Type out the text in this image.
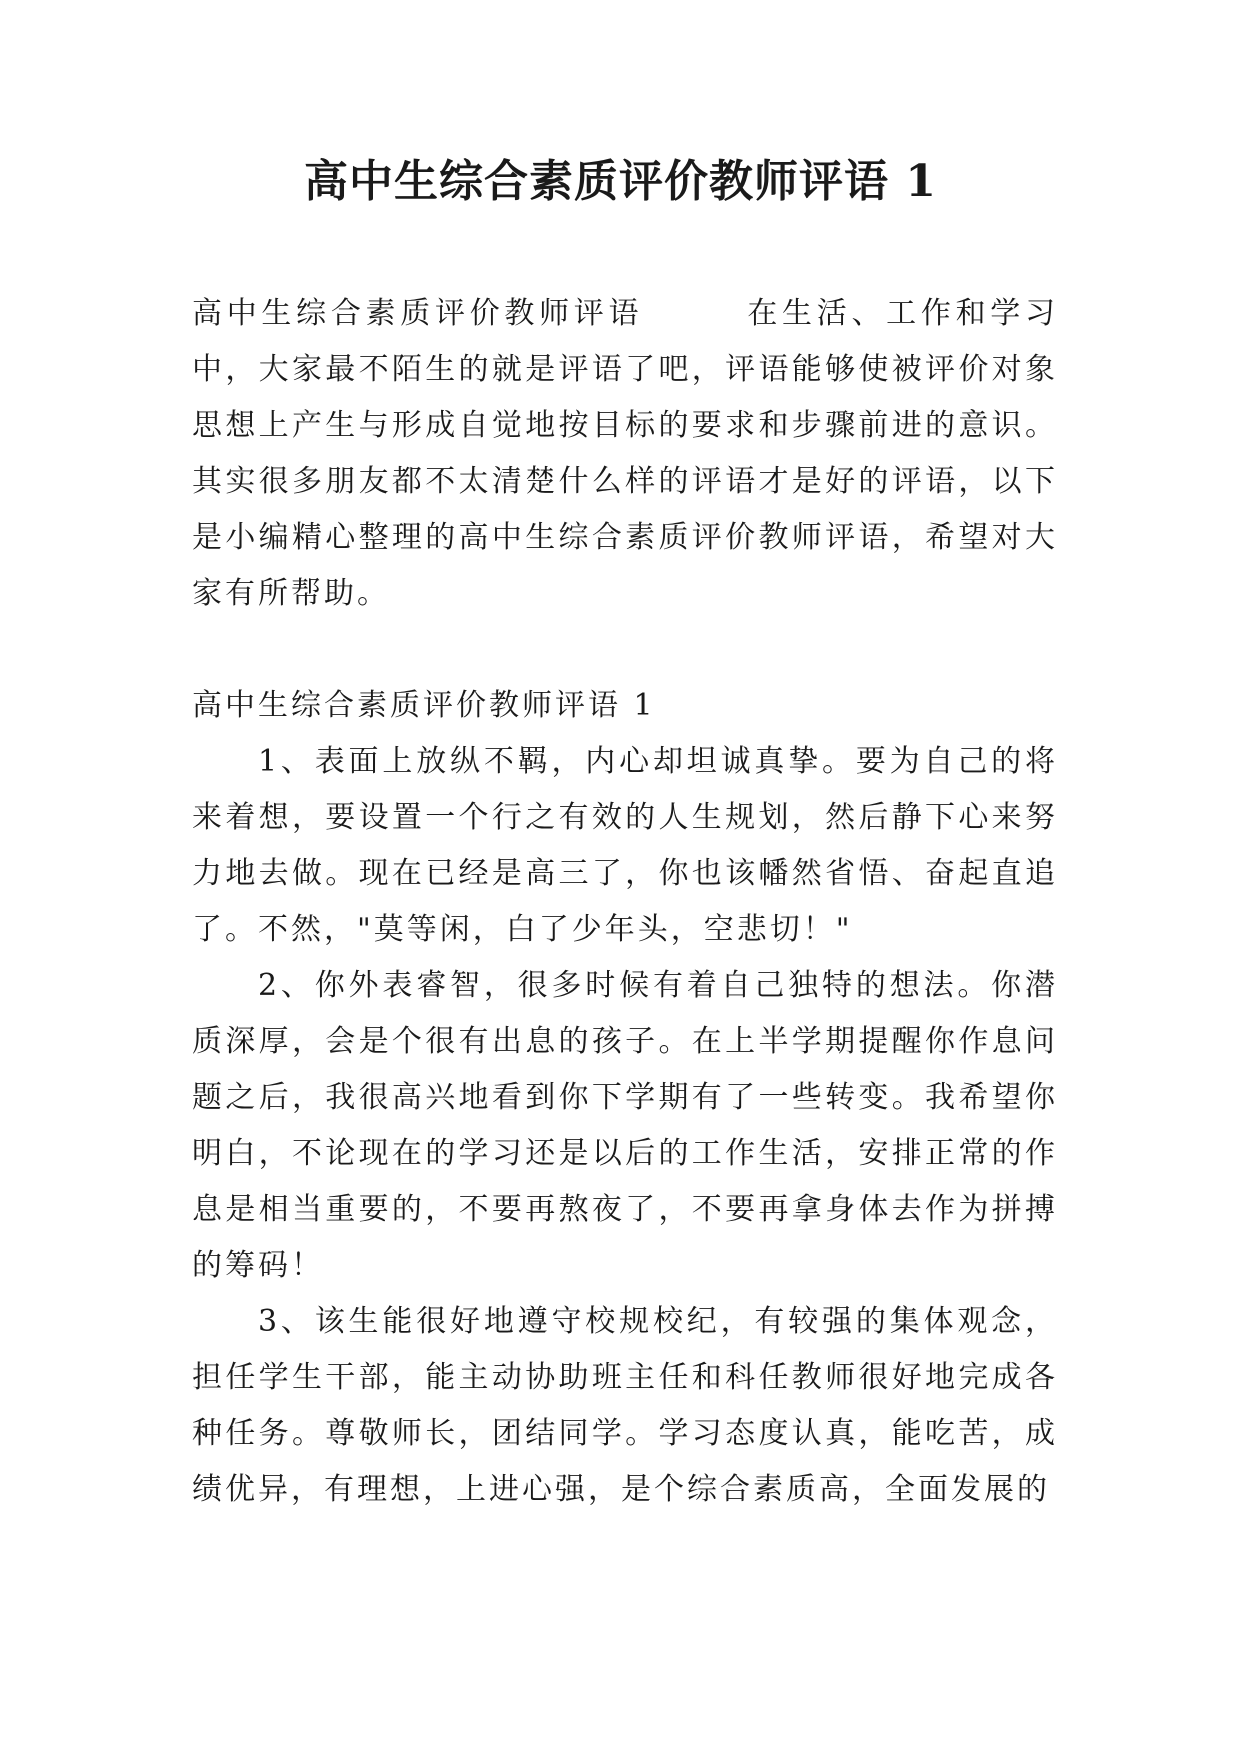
高中生综合素质评价教师评语 1

高中生综合素质评价教师评语　　　在生活、工作和学习中，大家最不陌生的就是评语了吧，评语能够使被评价对象思想上产生与形成自觉地按目标的要求和步骤前进的意识。其实很多朋友都不太清楚什么样的评语才是好的评语，以下是小编精心整理的高中生综合素质评价教师评语，希望对大家有所帮助。

高中生综合素质评价教师评语 1

1、表面上放纵不羁，内心却坦诚真挚。要为自己的将来着想，要设置一个行之有效的人生规划，然后静下心来努力地去做。现在已经是高三了，你也该幡然省悟、奋起直追了。不然，"莫等闲，白了少年头，空悲切！"

2、你外表睿智，很多时候有着自己独特的想法。你潜质深厚，会是个很有出息的孩子。在上半学期提醒你作息问题之后，我很高兴地看到你下学期有了一些转变。我希望你明白，不论现在的学习还是以后的工作生活，安排正常的作息是相当重要的，不要再熬夜了，不要再拿身体去作为拼搏的筹码！

3、该生能很好地遵守校规校纪，有较强的集体观念，担任学生干部，能主动协助班主任和科任教师很好地完成各种任务。尊敬师长，团结同学。学习态度认真，能吃苦，成绩优异，有理想，上进心强，是个综合素质高，全面发展的
